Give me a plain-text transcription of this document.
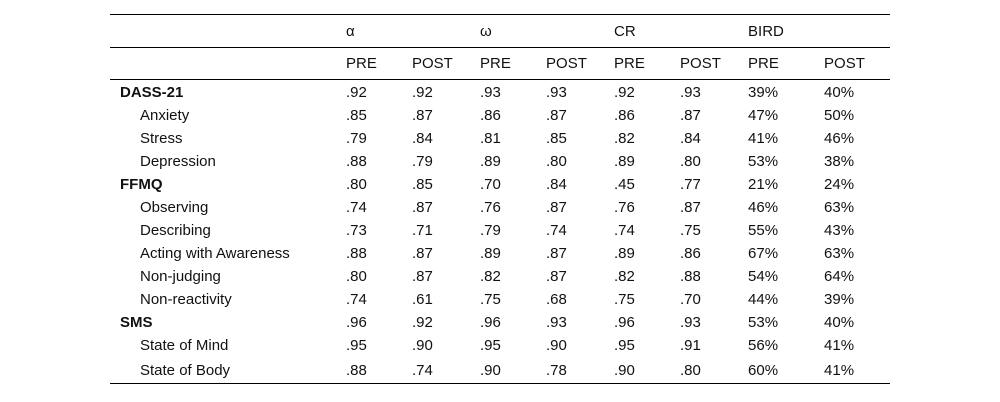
	α		ω		CR		BIRD	
	PRE	POST	PRE	POST	PRE	POST	PRE	POST
DASS-21	.92	.92	.93	.93	.92	.93	39%	40%
Anxiety	.85	.87	.86	.87	.86	.87	47%	50%
Stress	.79	.84	.81	.85	.82	.84	41%	46%
Depression	.88	.79	.89	.80	.89	.80	53%	38%
FFMQ	.80	.85	.70	.84	.45	.77	21%	24%
Observing	.74	.87	.76	.87	.76	.87	46%	63%
Describing	.73	.71	.79	.74	.74	.75	55%	43%
Acting with Awareness	.88	.87	.89	.87	.89	.86	67%	63%
Non-judging	.80	.87	.82	.87	.82	.88	54%	64%
Non-reactivity	.74	.61	.75	.68	.75	.70	44%	39%
SMS	.96	.92	.96	.93	.96	.93	53%	40%
State of Mind	.95	.90	.95	.90	.95	.91	56%	41%
State of Body	.88	.74	.90	.78	.90	.80	60%	41%
